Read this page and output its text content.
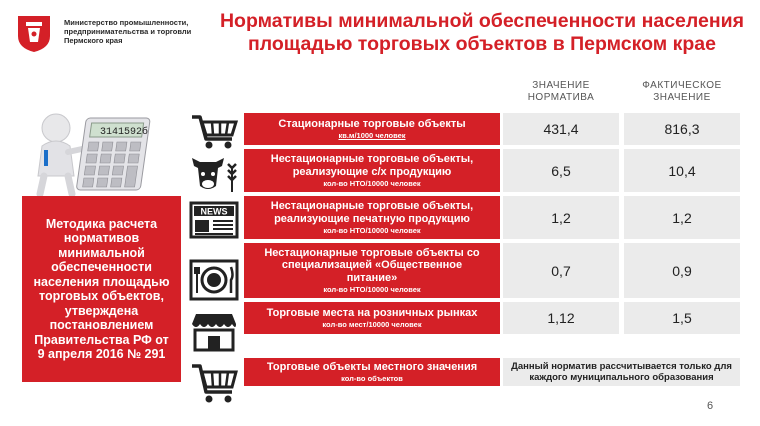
Министерство промышленности,
предпринимательства и торговли
Пермского края
Нормативы минимальной обеспеченности населения
площадью торговых объектов в Пермском крае
ЗНАЧЕНИЕ
НОРМАТИВА
ФАКТИЧЕСКОЕ
ЗНАЧЕНИЕ
3141592б
Методика расчета
нормативов
минимальной
обеспеченности
населения площадью
торговых объектов,
утверждена
постановлением
Правительства РФ от
9 апреля 2016 № 291
NEWS
Стационарные торговые объекты
кв.м/1000 человек	431,4	816,3
Нестационарные торговые объекты,
реализующие с/х продукцию
кол-во НТО/10000 человек
6,5	10,4
Нестационарные торговые объекты,
реализующие печатную продукцию
кол-во НТО/10000 человек
1,2	1,2
Нестационарные торговые объекты со
специализацией «Общественное
питание»
кол-во НТО/10000 человек
0,7	0,9
Торговые места на розничных рынках
кол-во мест/10000 человек	1,12	1,5
Торговые объекты местного значения
кол-во объектов
Данный норматив рассчитывается только для
каждого муниципального образования
6
